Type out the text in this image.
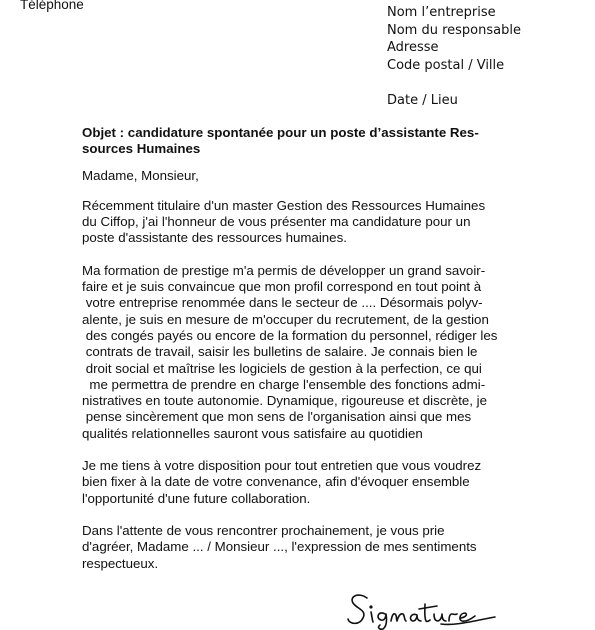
Téléphone
Nom l’entreprise
Nom du responsable
Adresse
Code postal / Ville
Date / Lieu

Objet : candidature spontanée pour un poste d’assistante Res-
sources Humaines

Madame, Monsieur,

Récemment titulaire d'un master Gestion des Ressources Humaines
du Ciffop, j'ai l'honneur de vous présenter ma candidature pour un
poste d'assistante des ressources humaines.

Ma formation de prestige m'a permis de développer un grand savoir-
faire et je suis convaincue que mon profil correspond en tout point à
votre entreprise renommée dans le secteur de .... Désormais polyv-
alente, je suis en mesure de m'occuper du recrutement, de la gestion
des congés payés ou encore de la formation du personnel, rédiger les
contrats de travail, saisir les bulletins de salaire. Je connais bien le
droit social et maîtrise les logiciels de gestion à la perfection, ce qui
me permettra de prendre en charge l'ensemble des fonctions admi-
nistratives en toute autonomie. Dynamique, rigoureuse et discrète, je
pense sincèrement que mon sens de l'organisation ainsi que mes
qualités relationnelles sauront vous satisfaire au quotidien

Je me tiens à votre disposition pour tout entretien que vous voudrez
bien fixer à la date de votre convenance, afin d'évoquer ensemble
l'opportunité d'une future collaboration.

Dans l'attente de vous rencontrer prochainement, je vous prie
d'agréer, Madame ... / Monsieur ..., l'expression de mes sentiments
respectueux.
